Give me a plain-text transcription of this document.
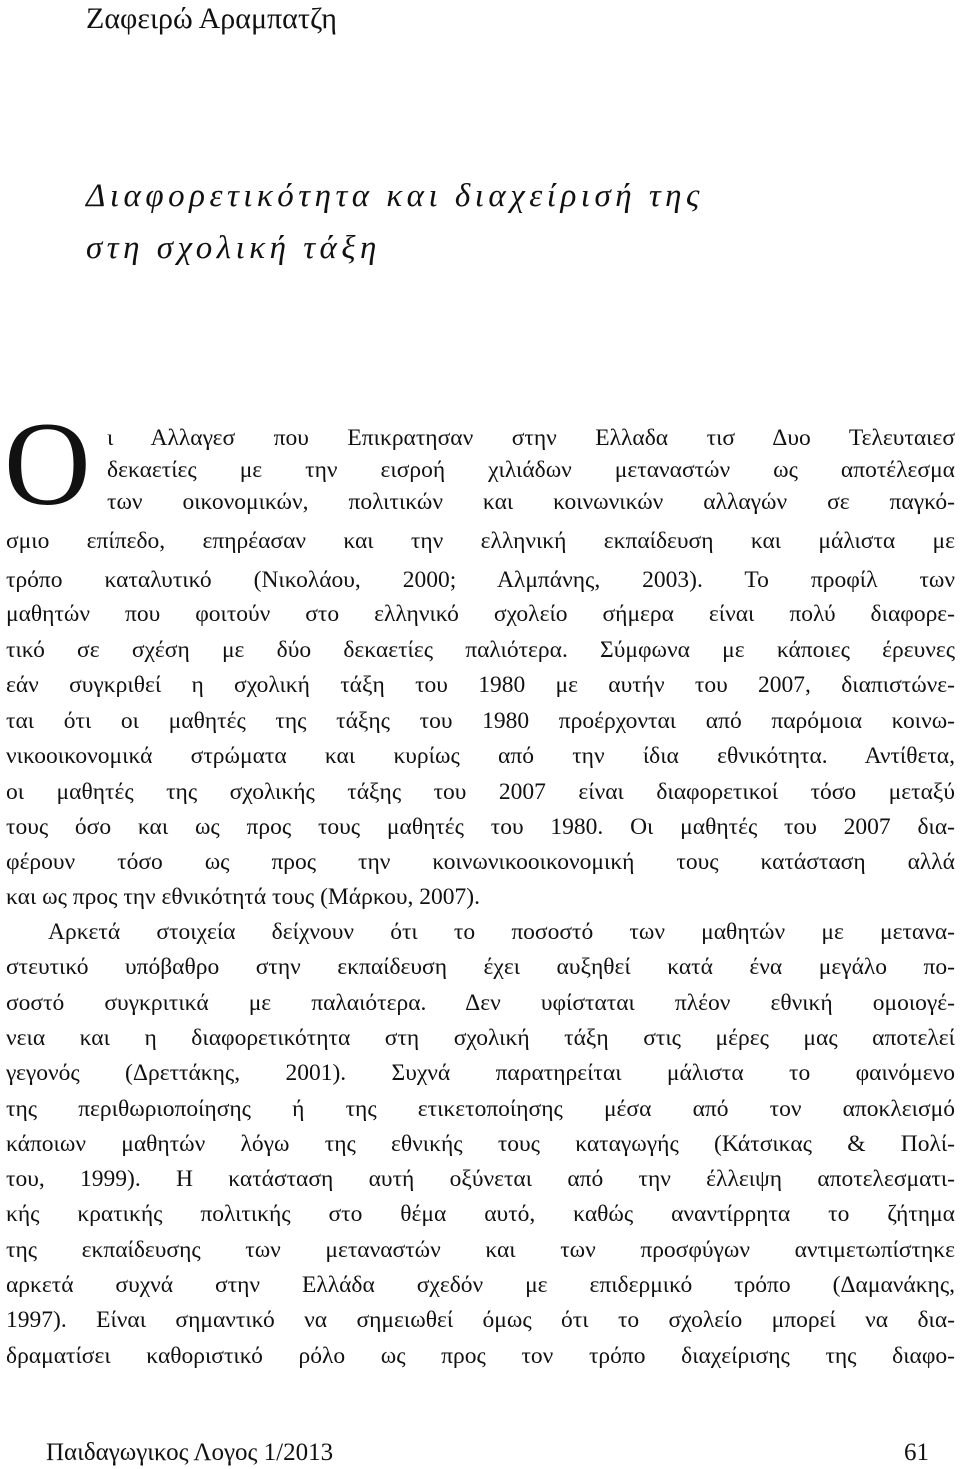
Ζαφειρώ Αραμπατζη
Διαφορετικότητα και διαχείρισή της
στη σχολική τάξη
Ο ι Αλλαγεσ που Επικρατησαν στην Ελλαδα τισ Δυο Τελευταιεσ
δεκαετίες με την εισροή χιλιάδων μεταναστών ως αποτέλεσμα
των οικονομικών, πολιτικών και κοινωνικών αλλαγών σε παγκό-
σμιο επίπεδο, επηρέασαν και την ελληνική εκπαίδευση και μάλιστα με
τρόπο καταλυτικό (Νικολάου, 2000; Αλμπάνης, 2003). Το προφίλ των
μαθητών που φοιτούν στο ελληνικό σχολείο σήμερα είναι πολύ διαφορε-
τικό σε σχέση με δύο δεκαετίες παλιότερα. Σύμφωνα με κάποιες έρευνες
εάν συγκριθεί η σχολική τάξη του 1980 με αυτήν του 2007, διαπιστώνε-
ται ότι οι μαθητές της τάξης του 1980 προέρχονται από παρόμοια κοινω-
νικοοικονομικά στρώματα και κυρίως από την ίδια εθνικότητα. Αντίθετα,
οι μαθητές της σχολικής τάξης του 2007 είναι διαφορετικοί τόσο μεταξύ
τους όσο και ως προς τους μαθητές του 1980. Οι μαθητές του 2007 δια-
φέρουν τόσο ως προς την κοινωνικοοικονομική τους κατάσταση αλλά
και ως προς την εθνικότητά τους (Μάρκου, 2007).
Αρκετά στοιχεία δείχνουν ότι το ποσοστό των μαθητών με μετανα-
στευτικό υπόβαθρο στην εκπαίδευση έχει αυξηθεί κατά ένα μεγάλο πο-
σοστό συγκριτικά με παλαιότερα. Δεν υφίσταται πλέον εθνική ομοιογέ-
νεια και η διαφορετικότητα στη σχολική τάξη στις μέρες μας αποτελεί
γεγονός (Δρεττάκης, 2001). Συχνά παρατηρείται μάλιστα το φαινόμενο
της περιθωριοποίησης ή της ετικετοποίησης μέσα από τον αποκλεισμό
κάποιων μαθητών λόγω της εθνικής τους καταγωγής (Κάτσικας & Πολί-
του, 1999). Η κατάσταση αυτή οξύνεται από την έλλειψη αποτελεσματι-
κής κρατικής πολιτικής στο θέμα αυτό, καθώς αναντίρρητα το ζήτημα
της εκπαίδευσης των μεταναστών και των προσφύγων αντιμετωπίστηκε
αρκετά συχνά στην Ελλάδα σχεδόν με επιδερμικό τρόπο (Δαμανάκης,
1997). Είναι σημαντικό να σημειωθεί όμως ότι το σχολείο μπορεί να δια-
δραματίσει καθοριστικό ρόλο ως προς τον τρόπο διαχείρισης της διαφο-
Παιδαγωγικος Λογος 1/2013	61
